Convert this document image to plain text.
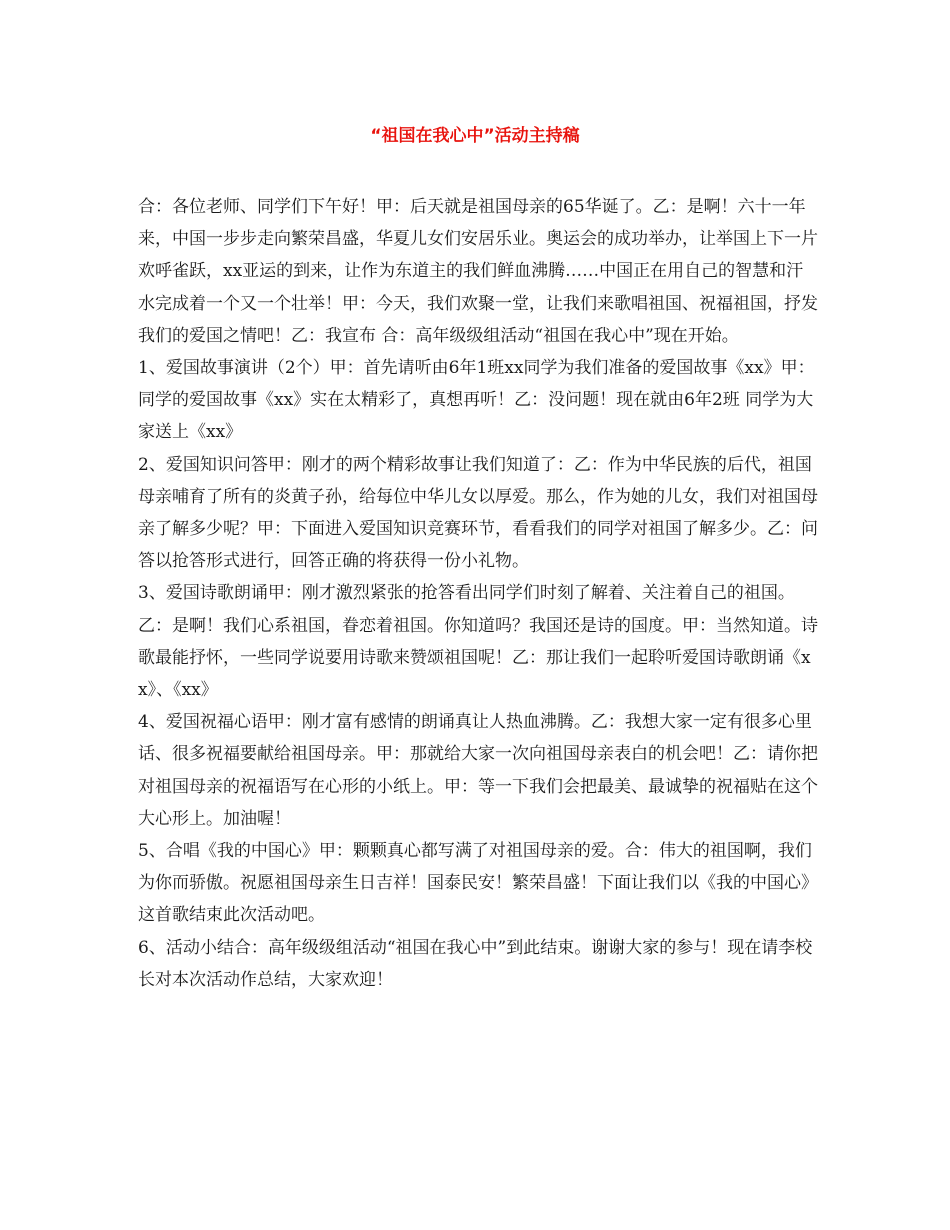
“祖国在我心中”活动主持稿

合：各位老师、同学们下午好！甲：后天就是祖国母亲的65华诞了。乙：是啊！六十一年来，中国一步步走向繁荣昌盛，华夏儿女们安居乐业。奥运会的成功举办，让举国上下一片欢呼雀跃，xx亚运的到来，让作为东道主的我们鲜血沸腾……中国正在用自己的智慧和汗水完成着一个又一个壮举！甲：今天，我们欢聚一堂，让我们来歌唱祖国、祝福祖国，抒发我们的爱国之情吧！乙：我宣布 合：高年级级组活动“祖国在我心中”现在开始。

1、爱国故事演讲（2个）甲：首先请听由6年1班xx同学为我们准备的爱国故事《xx》甲：同学的爱国故事《xx》实在太精彩了，真想再听！乙：没问题！现在就由6年2班 同学为大家送上《xx》

2、爱国知识问答甲：刚才的两个精彩故事让我们知道了：乙：作为中华民族的后代，祖国母亲哺育了所有的炎黄子孙，给每位中华儿女以厚爱。那么，作为她的儿女，我们对祖国母亲了解多少呢？甲：下面进入爱国知识竞赛环节，看看我们的同学对祖国了解多少。乙：问答以抢答形式进行，回答正确的将获得一份小礼物。

3、爱国诗歌朗诵甲：刚才激烈紧张的抢答看出同学们时刻了解着、关注着自己的祖国。乙：是啊！我们心系祖国，眷恋着祖国。你知道吗？我国还是诗的国度。甲：当然知道。诗歌最能抒怀，一些同学说要用诗歌来赞颂祖国呢！乙：那让我们一起聆听爱国诗歌朗诵《xx》、《xx》

4、爱国祝福心语甲：刚才富有感情的朗诵真让人热血沸腾。乙：我想大家一定有很多心里话、很多祝福要献给祖国母亲。甲：那就给大家一次向祖国母亲表白的机会吧！乙：请你把对祖国母亲的祝福语写在心形的小纸上。甲：等一下我们会把最美、最诚挚的祝福贴在这个大心形上。加油喔！

5、合唱《我的中国心》甲：颗颗真心都写满了对祖国母亲的爱。合：伟大的祖国啊，我们为你而骄傲。祝愿祖国母亲生日吉祥！国泰民安！繁荣昌盛！下面让我们以《我的中国心》这首歌结束此次活动吧。

6、活动小结合：高年级级组活动“祖国在我心中”到此结束。谢谢大家的参与！现在请李校长对本次活动作总结，大家欢迎！
